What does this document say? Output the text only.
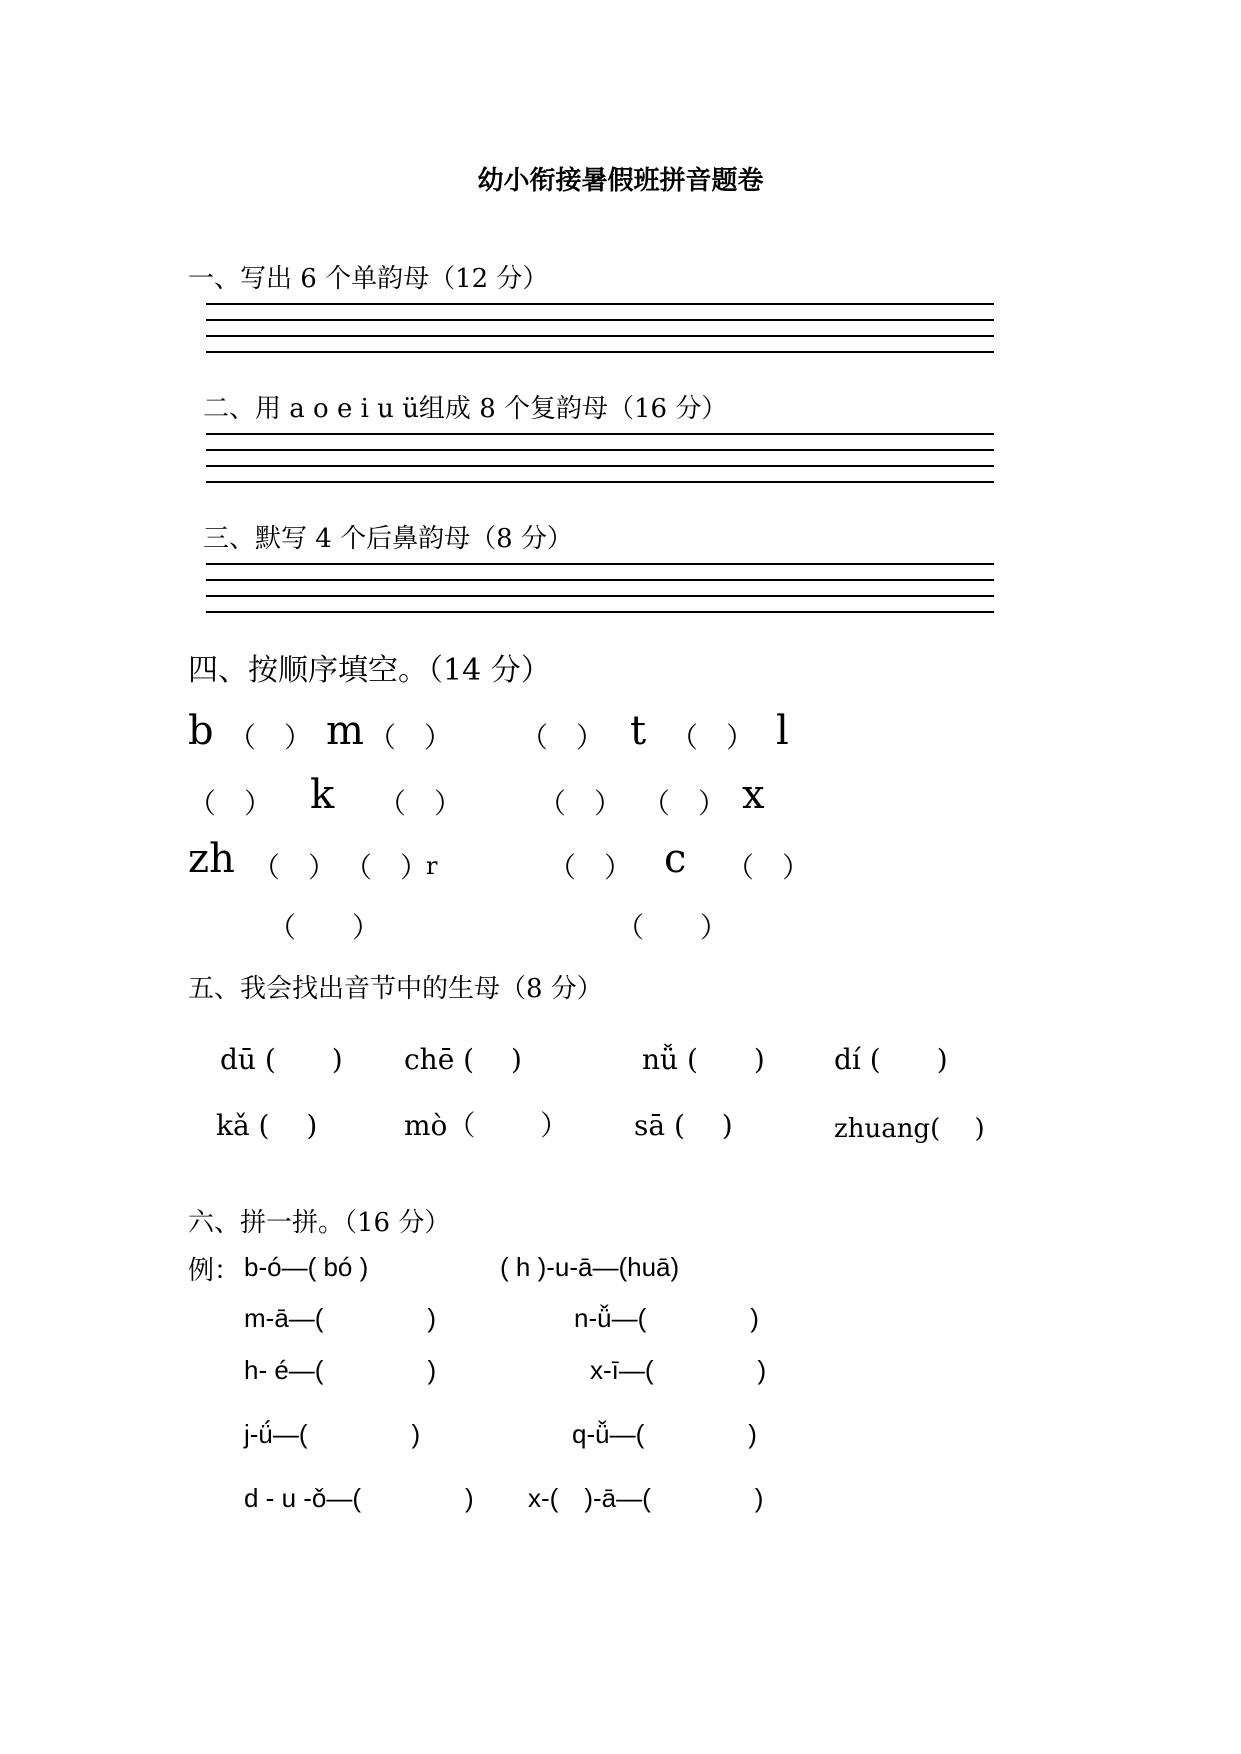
幼小衔接暑假班拼音题卷
一、写出 6 个单韵母（12 分）
二、用 a o e i u ü组成 8 个复韵母（16 分）
三、默写 4 个后鼻韵母（8 分）
四、按顺序填空。（14 分）
b （　） m （　） （　） t （　） l
（　） k （　）	（　） （　） x
zh （　） （　）
r	（　） c （　）
（　　）	（　　）
五、我会找出音节中的生母（8 分）
dū (　　) chē (　 )	nǚ (　　) dí (　　)
kǎ (　 )	mò（　　 ） sā (　 )	zhuang(　 )
六、拼一拼。（16 分）
例： b-ó—( bó )	( h )-u-ā—(huā)
m-ā—(　　　　)	n-ǚ—(　　　　)
h- é—(　　　　)	x-ī—(　　　　)
j-ǘ—(　　　　)	q-ǚ—(　　　　)
d - u -ǒ—(　　　　) x-(　)-ā—(　　　　)
